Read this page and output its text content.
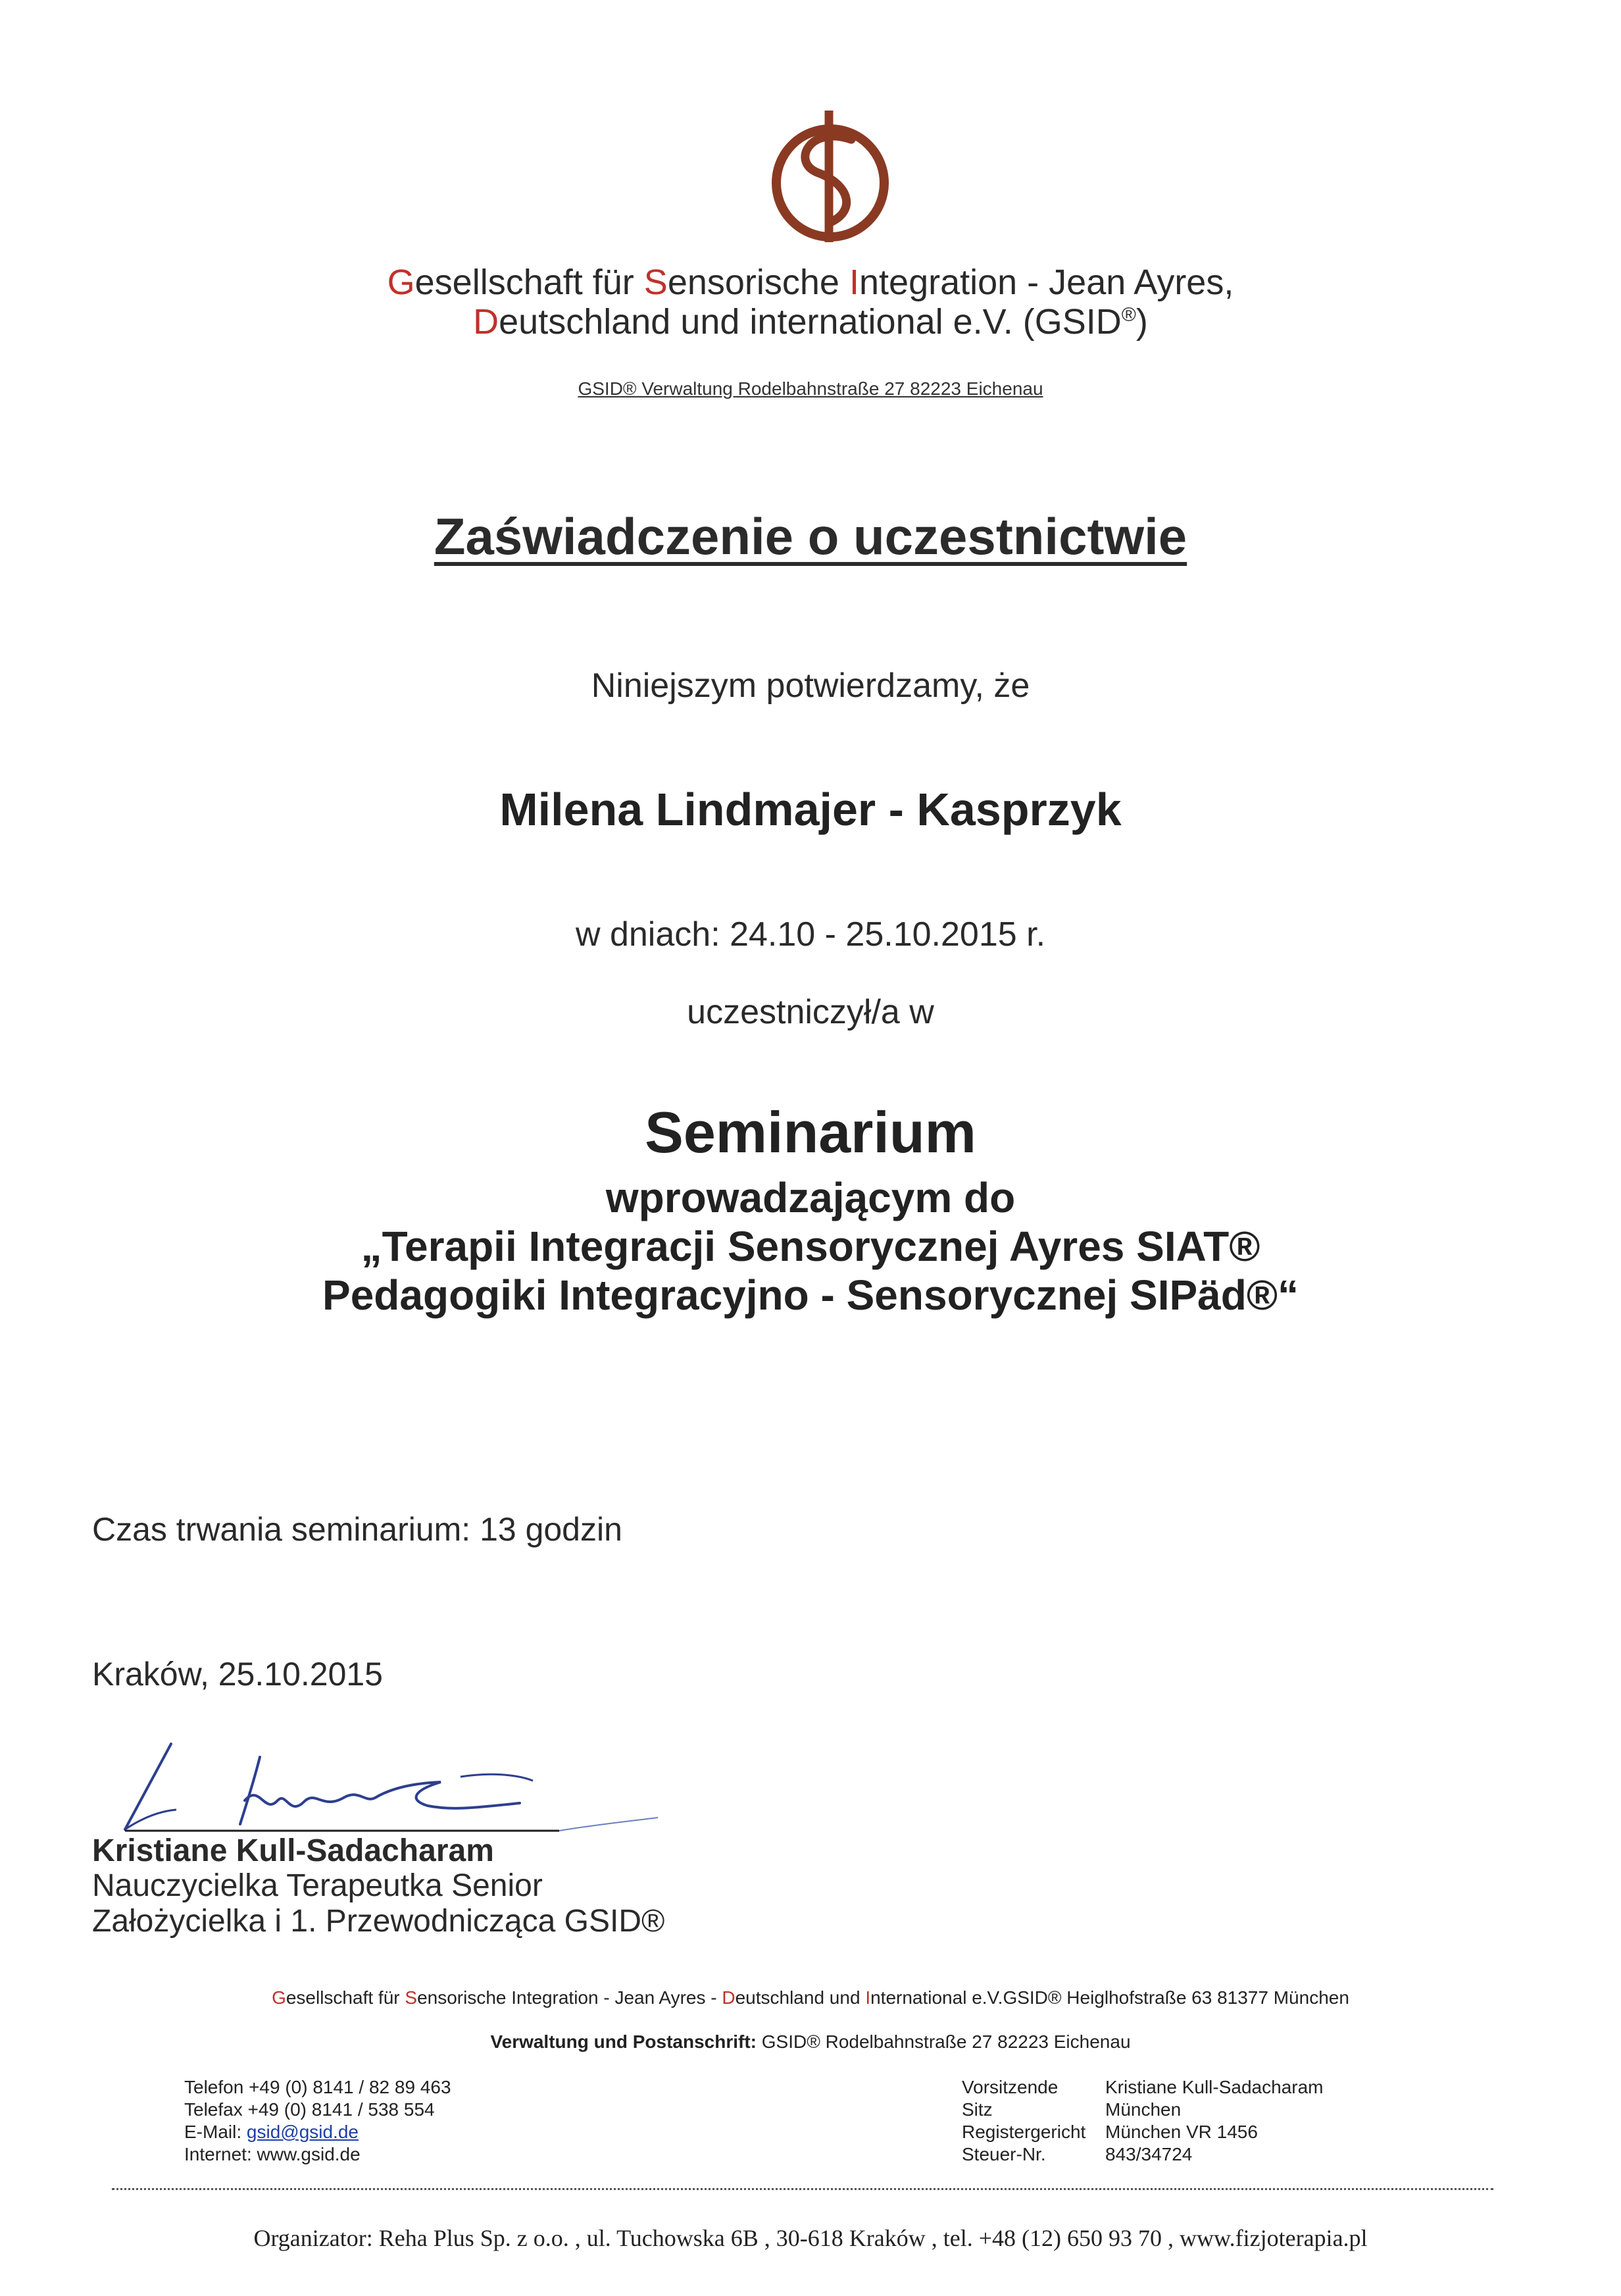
Gesellschaft für Sensorische Integration - Jean Ayres,
Deutschland und international e.V. (GSID®)
GSID® Verwaltung Rodelbahnstraße 27 82223 Eichenau
Zaświadczenie o uczestnictwie
Niniejszym potwierdzamy, że
Milena Lindmajer - Kasprzyk
w dniach: 24.10 - 25.10.2015 r.
uczestniczył/a w
Seminarium
wprowadzającym do
„Terapii Integracji Sensorycznej Ayres SIAT®
Pedagogiki Integracyjno - Sensorycznej SIPäd®“
Czas trwania seminarium: 13 godzin
Kraków, 25.10.2015
Kristiane Kull-Sadacharam
Nauczycielka Terapeutka Senior
Założycielka i 1. Przewodnicząca GSID®
Gesellschaft für Sensorische Integration - Jean Ayres - Deutschland und International e.V.GSID® Heiglhofstraße 63 81377 München
Verwaltung und Postanschrift: GSID® Rodelbahnstraße 27 82223 Eichenau
Telefon +49 (0) 8141 / 82 89 463
Telefax +49 (0) 8141 / 538 554
E-Mail: gsid@gsid.de
Internet: www.gsid.de
Vorsitzende
Sitz
Registergericht
Steuer-Nr.
Kristiane Kull-Sadacharam
München
München VR 1456
843/34724
Organizator: Reha Plus Sp. z o.o. , ul. Tuchowska 6B , 30-618 Kraków , tel. +48 (12) 650 93 70 , www.fizjoterapia.pl
